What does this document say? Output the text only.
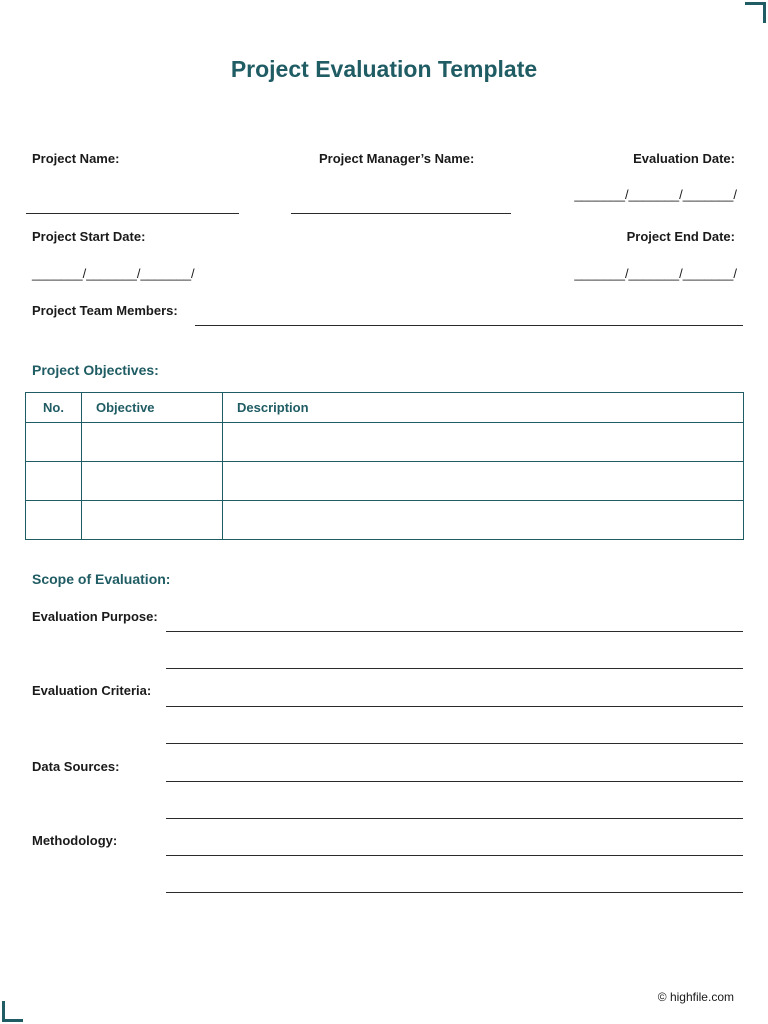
Project Evaluation Template
Project Name:	Project Manager’s Name:	Evaluation Date:
_______/_______/_______/
Project Start Date:	Project End Date:
_______/_______/_______/	_______/_______/_______/
Project Team Members:
Project Objectives:
No.	Objective	Description

Scope of Evaluation:
Evaluation Purpose:
Evaluation Criteria:
Data Sources:
Methodology:
© highfile.com
